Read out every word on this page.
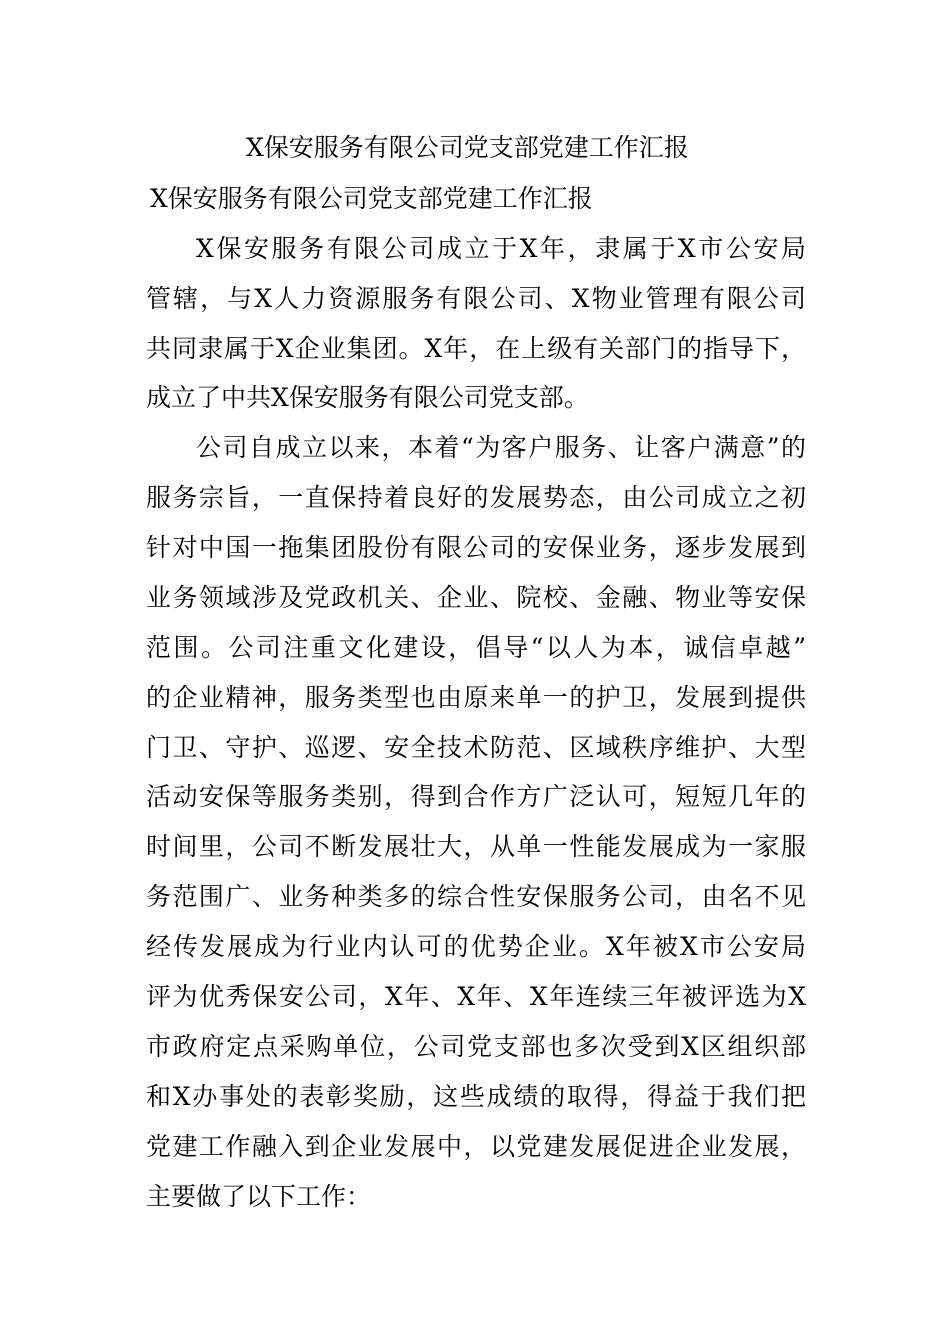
X保安服务有限公司党支部党建工作汇报
X保安服务有限公司党支部党建工作汇报
X保安服务有限公司成立于X年，隶属于X市公安局
管辖，与X人力资源服务有限公司、X物业管理有限公司
共同隶属于X企业集团。X年，在上级有关部门的指导下，
成立了中共X保安服务有限公司党支部。
公司自成立以来，本着“为客户服务、让客户满意”的
服务宗旨，一直保持着良好的发展势态，由公司成立之初
针对中国一拖集团股份有限公司的安保业务，逐步发展到
业务领域涉及党政机关、企业、院校、金融、物业等安保
范围。公司注重文化建设，倡导“以人为本，诚信卓越”
的企业精神，服务类型也由原来单一的护卫，发展到提供
门卫、守护、巡逻、安全技术防范、区域秩序维护、大型
活动安保等服务类别，得到合作方广泛认可，短短几年的
时间里，公司不断发展壮大，从单一性能发展成为一家服
务范围广、业务种类多的综合性安保服务公司，由名不见
经传发展成为行业内认可的优势企业。X年被X市公安局
评为优秀保安公司，X年、X年、X年连续三年被评选为X
市政府定点采购单位，公司党支部也多次受到X区组织部
和X办事处的表彰奖励，这些成绩的取得，得益于我们把
党建工作融入到企业发展中，以党建发展促进企业发展，
主要做了以下工作：
